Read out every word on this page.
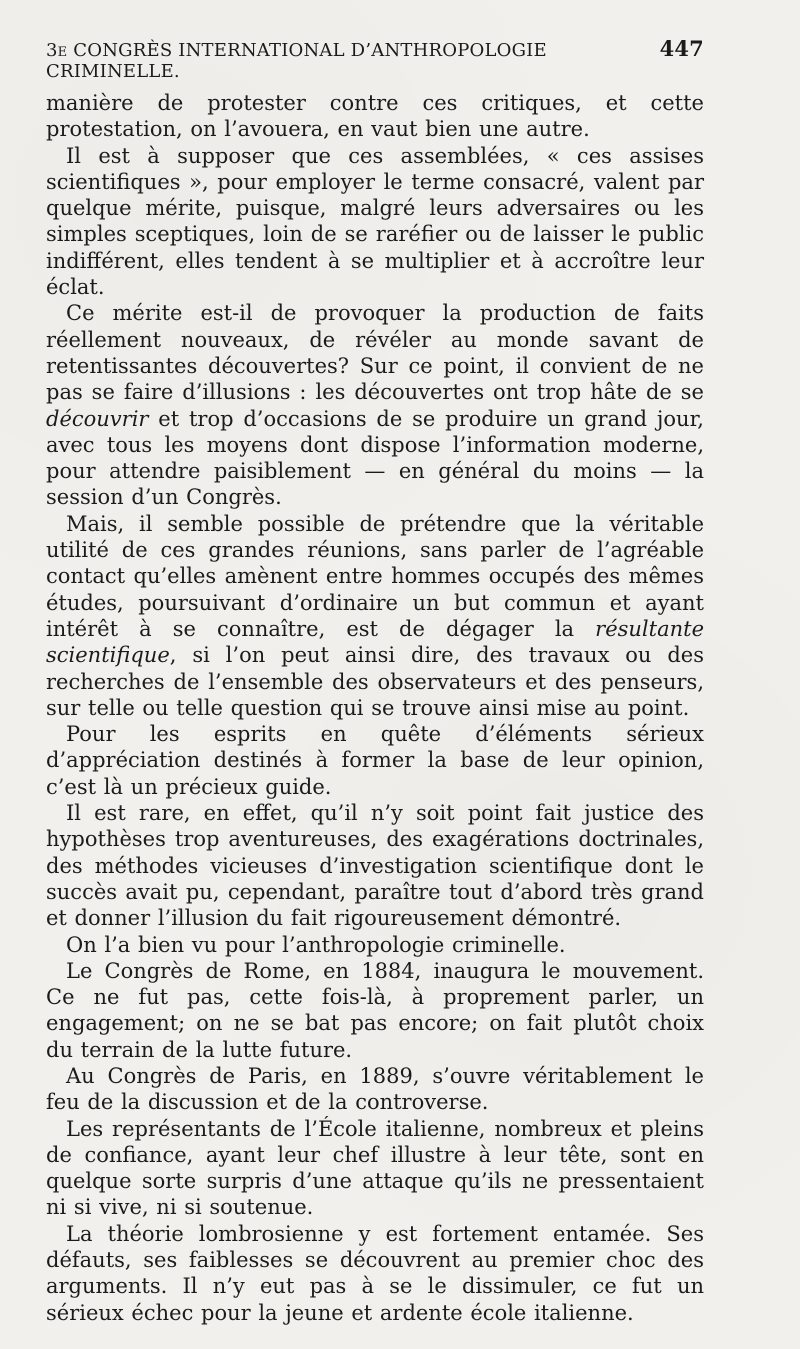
3e CONGRÈS INTERNATIONAL D’ANTHROPOLOGIE CRIMINELLE.
447

manière de protester contre ces critiques, et cette protestation, on l’avouera, en vaut bien une autre.

Il est à supposer que ces assemblées, « ces assises scientifiques », pour employer le terme consacré, valent par quelque mérite, puisque, malgré leurs adversaires ou les simples sceptiques, loin de se raréfier ou de laisser le public indifférent, elles tendent à se multiplier et à accroître leur éclat.

Ce mérite est-il de provoquer la production de faits réellement nouveaux, de révéler au monde savant de retentissantes découvertes? Sur ce point, il convient de ne pas se faire d’illusions : les découvertes ont trop hâte de se découvrir et trop d’occasions de se produire un grand jour, avec tous les moyens dont dispose l’information moderne, pour attendre paisiblement — en général du moins — la session d’un Congrès.

Mais, il semble possible de prétendre que la véritable utilité de ces grandes réunions, sans parler de l’agréable contact qu’elles amènent entre hommes occupés des mêmes études, poursuivant d’ordinaire un but commun et ayant intérêt à se connaître, est de dégager la résultante scientifique, si l’on peut ainsi dire, des travaux ou des recherches de l’ensemble des observateurs et des penseurs, sur telle ou telle question qui se trouve ainsi mise au point.

Pour les esprits en quête d’éléments sérieux d’appréciation destinés à former la base de leur opinion, c’est là un précieux guide.

Il est rare, en effet, qu’il n’y soit point fait justice des hypothèses trop aventureuses, des exagérations doctrinales, des méthodes vicieuses d’investigation scientifique dont le succès avait pu, cependant, paraître tout d’abord très grand et donner l’illusion du fait rigoureusement démontré.

On l’a bien vu pour l’anthropologie criminelle.

Le Congrès de Rome, en 1884, inaugura le mouvement. Ce ne fut pas, cette fois-là, à proprement parler, un engagement; on ne se bat pas encore; on fait plutôt choix du terrain de la lutte future.

Au Congrès de Paris, en 1889, s’ouvre véritablement le feu de la discussion et de la controverse.

Les représentants de l’École italienne, nombreux et pleins de confiance, ayant leur chef illustre à leur tête, sont en quelque sorte surpris d’une attaque qu’ils ne pressentaient ni si vive, ni si soutenue.

La théorie lombrosienne y est fortement entamée. Ses défauts, ses faiblesses se découvrent au premier choc des arguments. Il n’y eut pas à se le dissimuler, ce fut un sérieux échec pour la jeune et ardente école italienne.
